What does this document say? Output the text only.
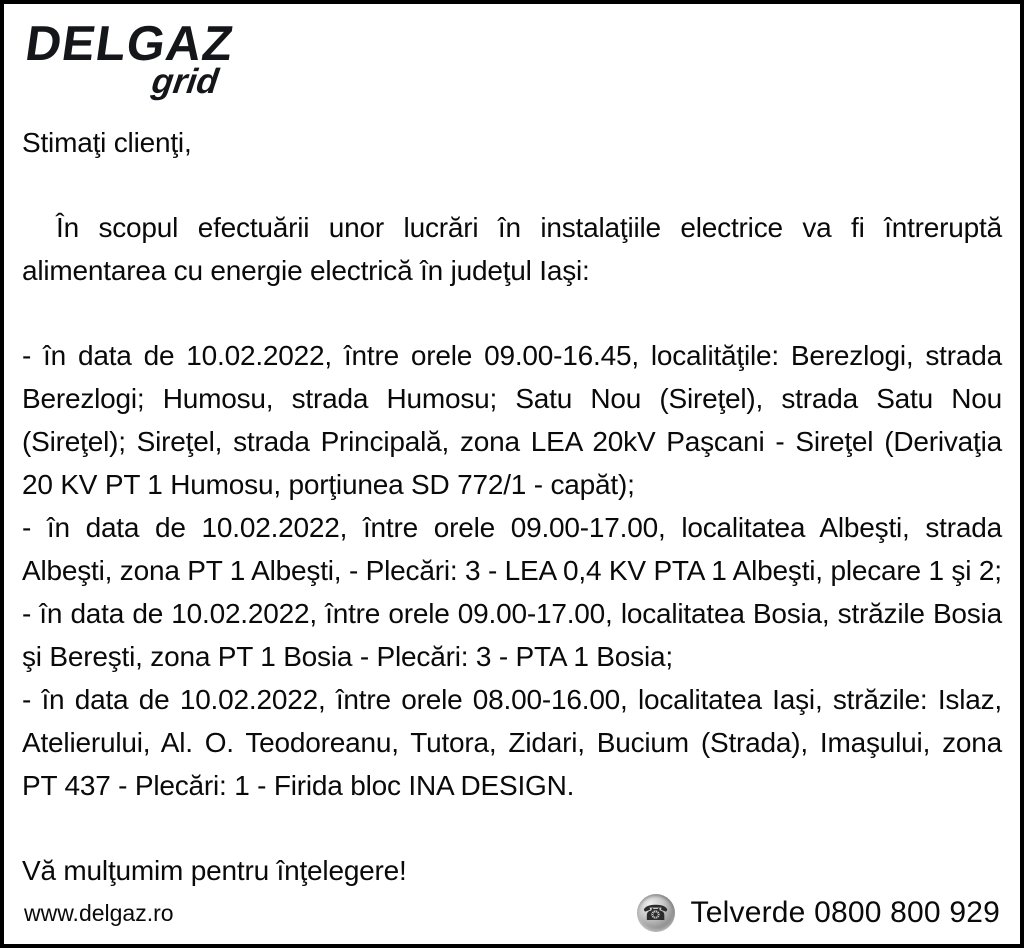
DELGAZ
grid

Stimaţi clienţi,

În scopul efectuării unor lucrări în instalaţiile electrice va fi întreruptă alimentarea cu energie electrică în judeţul Iaşi:

- în data de 10.02.2022, între orele 09.00-16.45, localităţile: Berezlogi, strada Berezlogi; Humosu, strada Humosu; Satu Nou (Sireţel), strada Satu Nou (Sireţel); Sireţel, strada Principală, zona LEA 20kV Paşcani - Sireţel (Derivaţia 20 KV PT 1 Humosu, porţiunea SD 772/1 - capăt);

- în data de 10.02.2022, între orele 09.00-17.00, localitatea Albeşti, strada Albeşti, zona PT 1 Albeşti, - Plecări: 3 - LEA 0,4 KV PTA 1 Albeşti, plecare 1 şi 2;

- în data de 10.02.2022, între orele 09.00-17.00, localitatea Bosia, străzile Bosia şi Bereşti, zona PT 1 Bosia - Plecări: 3 - PTA 1 Bosia;

- în data de 10.02.2022, între orele 08.00-16.00, localitatea Iaşi, străzile: Islaz, Atelierului, Al. O. Teodoreanu, Tutora, Zidari, Bucium (Strada), Imaşului, zona PT 437 - Plecări: 1 - Firida bloc INA DESIGN.

Vă mulţumim pentru înţelegere!

www.delgaz.ro	☎ Telverde 0800 800 929
